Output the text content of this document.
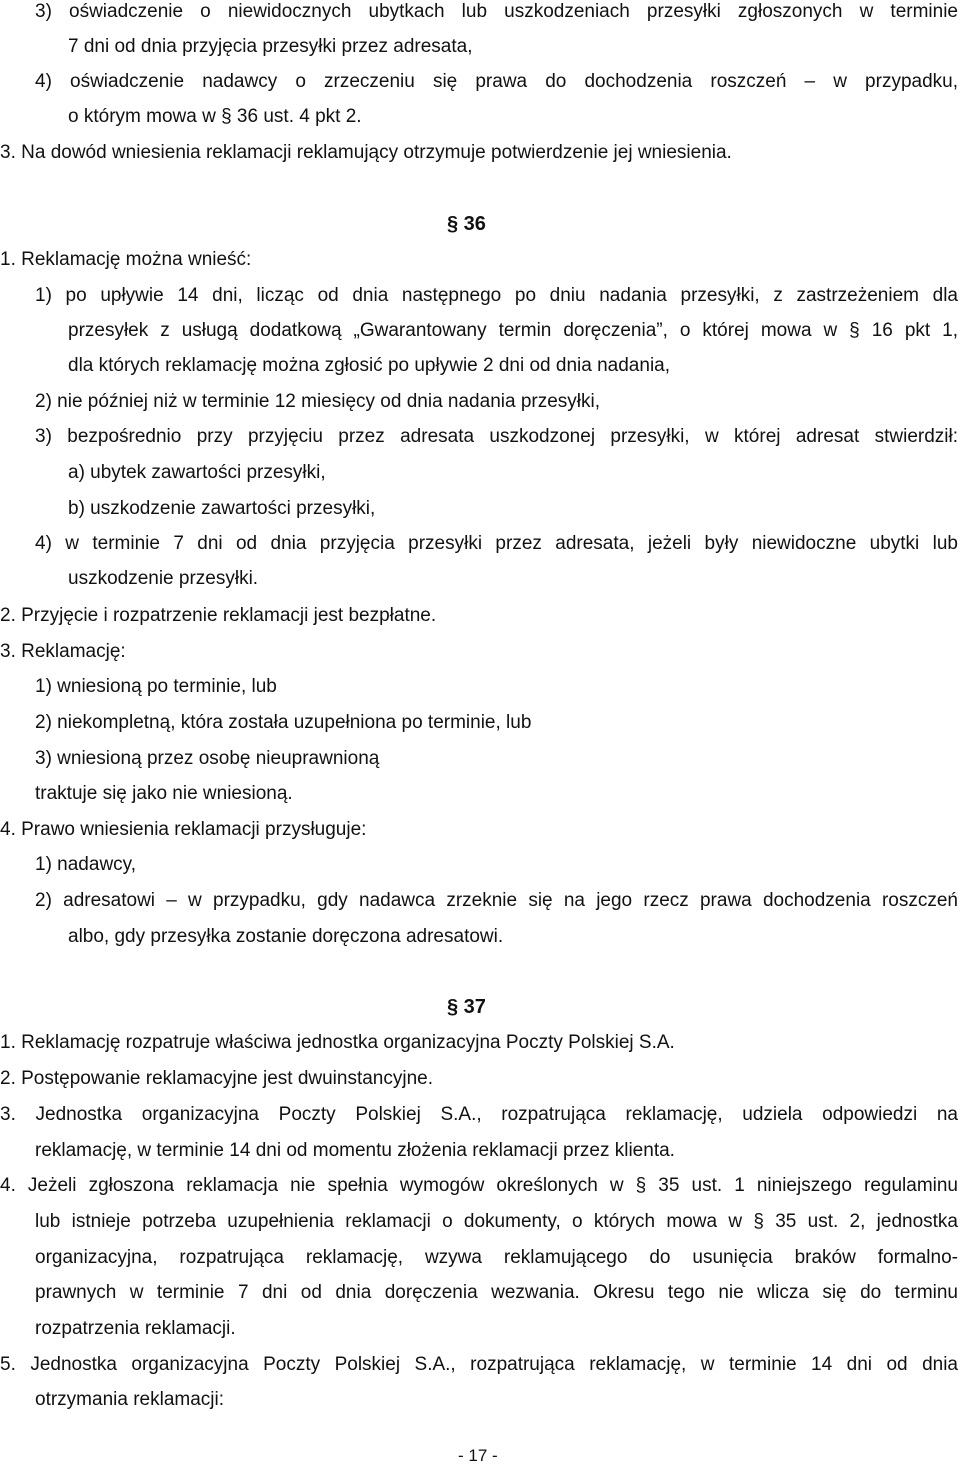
3) oświadczenie o niewidocznych ubytkach lub uszkodzeniach przesyłki zgłoszonych w terminie
7 dni od dnia przyjęcia przesyłki przez adresata,
4) oświadczenie nadawcy o zrzeczeniu się prawa do dochodzenia roszczeń – w przypadku,
o którym mowa w § 36 ust. 4 pkt 2.
3. Na dowód wniesienia reklamacji reklamujący otrzymuje potwierdzenie jej wniesienia.
§ 36
1. Reklamację można wnieść:
1) po upływie 14 dni, licząc od dnia następnego po dniu nadania przesyłki, z zastrzeżeniem dla
przesyłek z usługą dodatkową „Gwarantowany termin doręczenia”, o której mowa w § 16 pkt 1,
dla których reklamację można zgłosić po upływie 2 dni od dnia nadania,
2) nie później niż w terminie 12 miesięcy od dnia nadania przesyłki,
3) bezpośrednio przy przyjęciu przez adresata uszkodzonej przesyłki, w której adresat stwierdził:
a) ubytek zawartości przesyłki,
b) uszkodzenie zawartości przesyłki,
4) w terminie 7 dni od dnia przyjęcia przesyłki przez adresata, jeżeli były niewidoczne ubytki lub
uszkodzenie przesyłki.
2. Przyjęcie i rozpatrzenie reklamacji jest bezpłatne.
3. Reklamację:
1) wniesioną po terminie, lub
2) niekompletną, która została uzupełniona po terminie, lub
3) wniesioną przez osobę nieuprawnioną
traktuje się jako nie wniesioną.
4. Prawo wniesienia reklamacji przysługuje:
1) nadawcy,
2) adresatowi – w przypadku, gdy nadawca zrzeknie się na jego rzecz prawa dochodzenia roszczeń
albo, gdy przesyłka zostanie doręczona adresatowi.
§ 37
1. Reklamację rozpatruje właściwa jednostka organizacyjna Poczty Polskiej S.A.
2. Postępowanie reklamacyjne jest dwuinstancyjne.
3. Jednostka organizacyjna Poczty Polskiej S.A., rozpatrująca reklamację, udziela odpowiedzi na
reklamację, w terminie 14 dni od momentu złożenia reklamacji przez klienta.
4. Jeżeli zgłoszona reklamacja nie spełnia wymogów określonych w § 35 ust. 1 niniejszego regulaminu
lub istnieje potrzeba uzupełnienia reklamacji o dokumenty, o których mowa w § 35 ust. 2, jednostka
organizacyjna, rozpatrująca reklamację, wzywa reklamującego do usunięcia braków formalno-
prawnych w terminie 7 dni od dnia doręczenia wezwania. Okresu tego nie wlicza się do terminu
rozpatrzenia reklamacji.
5. Jednostka organizacyjna Poczty Polskiej S.A., rozpatrująca reklamację, w terminie 14 dni od dnia
otrzymania reklamacji:
- 17 -
